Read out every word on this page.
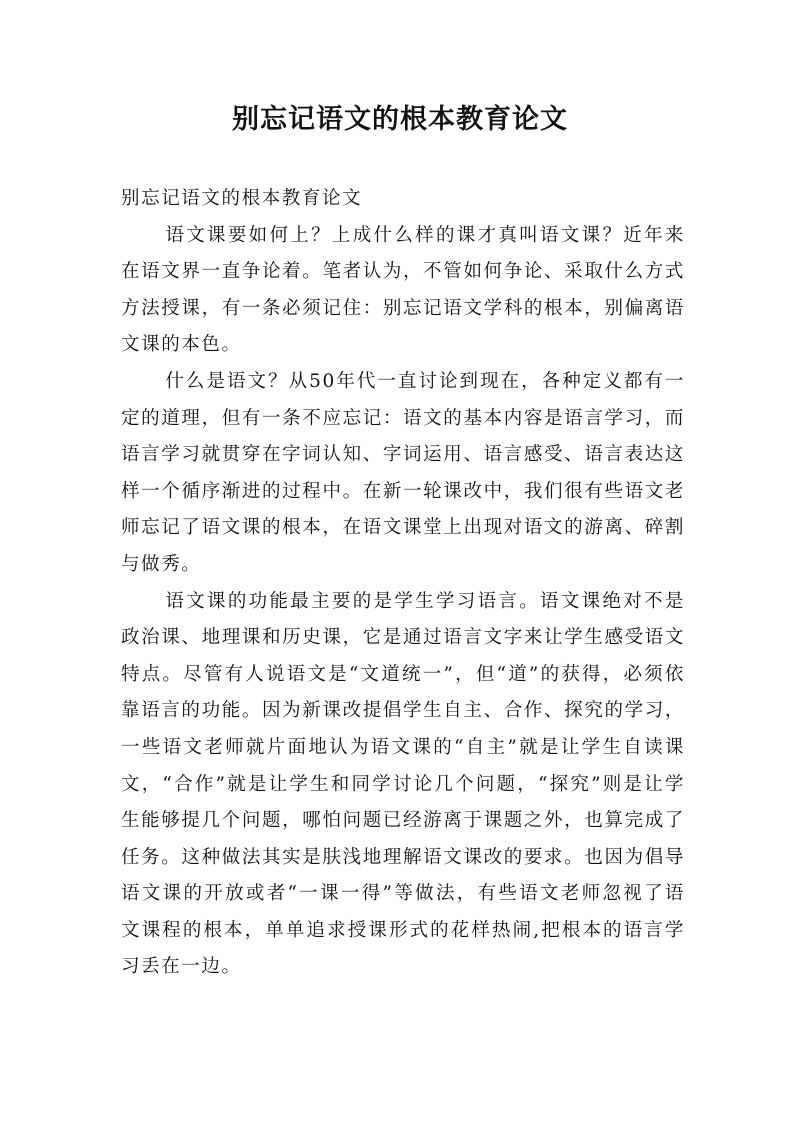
别忘记语文的根本教育论文

别忘记语文的根本教育论文

语文课要如何上？上成什么样的课才真叫语文课？近年来在语文界一直争论着。笔者认为，不管如何争论、采取什么方式方法授课，有一条必须记住：别忘记语文学科的根本，别偏离语文课的本色。

什么是语文？从50年代一直讨论到现在，各种定义都有一定的道理，但有一条不应忘记：语文的基本内容是语言学习，而语言学习就贯穿在字词认知、字词运用、语言感受、语言表达这样一个循序渐进的过程中。在新一轮课改中，我们很有些语文老师忘记了语文课的根本，在语文课堂上出现对语文的游离、碎割与做秀。

语文课的功能最主要的是学生学习语言。语文课绝对不是政治课、地理课和历史课，它是通过语言文字来让学生感受语文特点。尽管有人说语文是“文道统一”，但“道”的获得，必须依靠语言的功能。因为新课改提倡学生自主、合作、探究的学习，一些语文老师就片面地认为语文课的“自主”就是让学生自读课文，“合作”就是让学生和同学讨论几个问题，“探究”则是让学生能够提几个问题，哪怕问题已经游离于课题之外，也算完成了任务。这种做法其实是肤浅地理解语文课改的要求。也因为倡导语文课的开放或者“一课一得”等做法，有些语文老师忽视了语文课程的根本，单单追求授课形式的花样热闹,把根本的语言学习丢在一边。
